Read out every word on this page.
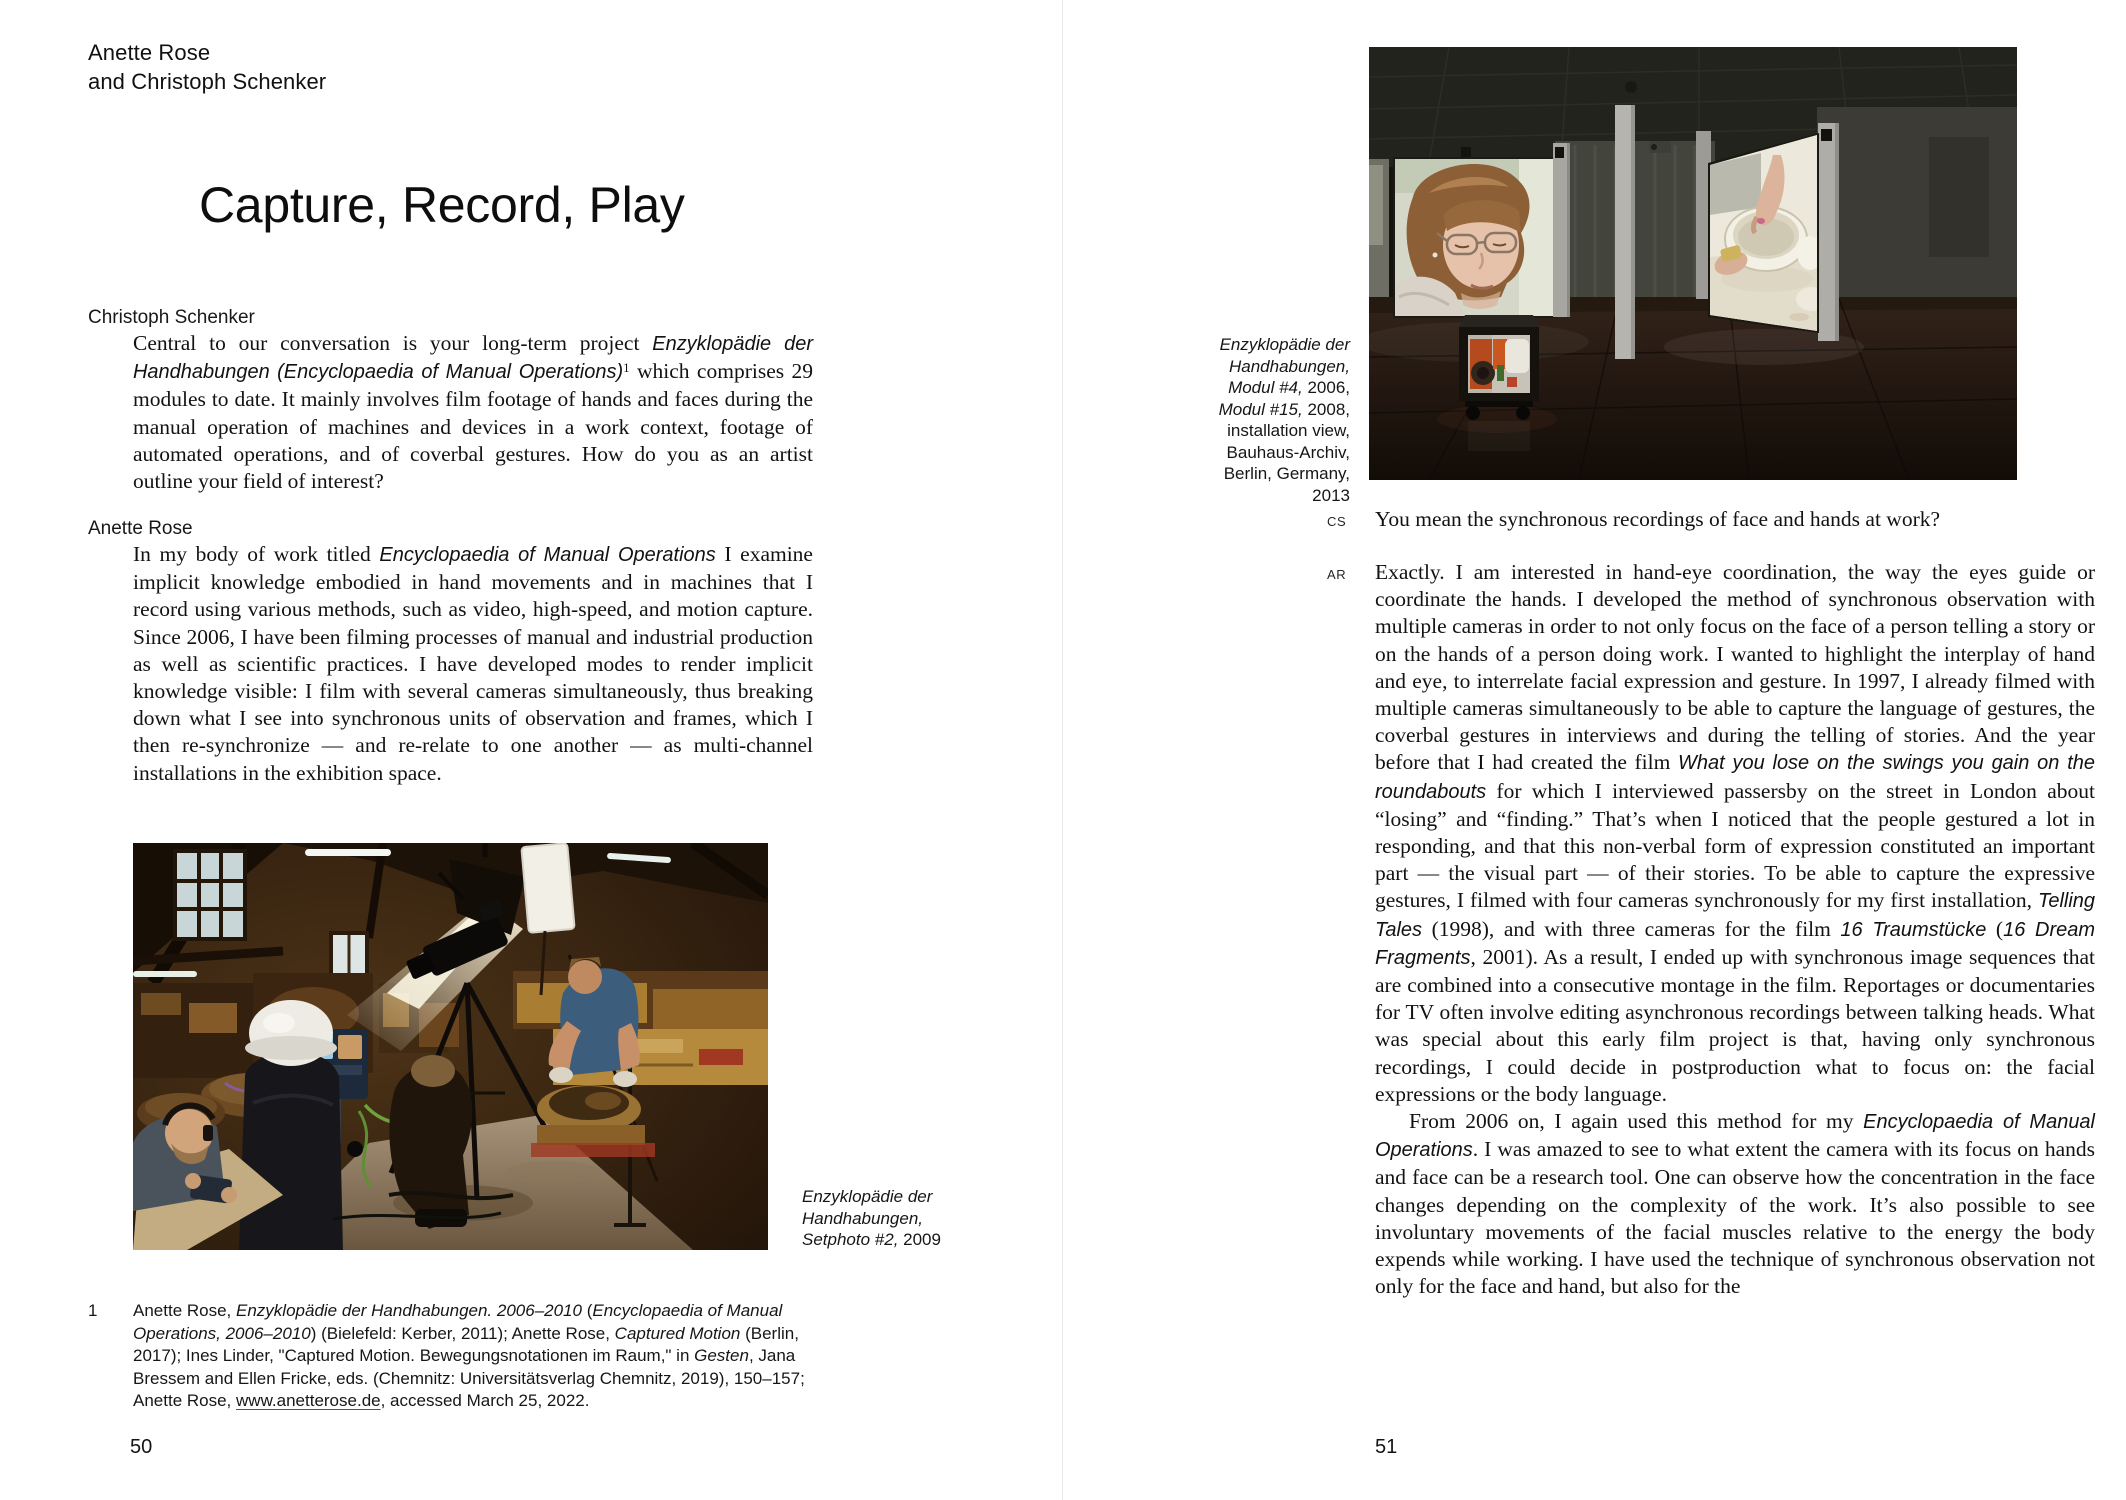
Anette Rose
and Christoph Schenker
Capture, Record, Play
Christoph Schenker

Central to our conversation is your long-term project Enzyklopädie der Handhabungen (Encyclopaedia of Manual Operations)$^1$ which comprises 29 modules to date. It mainly involves film footage of hands and faces during the manual operation of machines and devices in a work context, footage of automated operations, and of coverbal gestures. How do you as an artist outline your field of interest?

Anette Rose

In my body of work titled Encyclopaedia of Manual Operations I examine implicit knowledge embodied in hand movements and in machines that I record using various methods, such as video, high-speed, and motion capture. Since 2006, I have been filming processes of manual and industrial production as well as scientific practices. I have developed modes to render implicit knowledge visible: I film with several cameras simultaneously, thus breaking down what I see into synchronous units of observation and frames, which I then re-synchronize — and re-relate to one another — as multi-channel installations in the exhibition space.

Enzyklopädie der
Handhabungen,
Setphoto #2, 2009
1	Anette Rose, Enzyklopädie der Handhabungen. 2006–2010 (Encyclopaedia of Manual Operations, 2006–2010) (Bielefeld: Kerber, 2011); Anette Rose, Captured Motion (Berlin, 2017); Ines Linder, "Captured Motion. Bewegungsnotationen im Raum," in Gesten, Jana Bressem and Ellen Fricke, eds. (Chemnitz: Universitätsverlag Chemnitz, 2019), 150–157; Anette Rose, www.anetterose.de, accessed March 25, 2022.
50
Enzyklopädie der
Handhabungen,
Modul #4, 2006,
Modul #15, 2008,
installation view,
Bauhaus-Archiv,
Berlin, Germany,
2013
CS You mean the synchronous recordings of face and hands at work?

AR Exactly. I am interested in hand-eye coordination, the way the eyes guide or coordinate the hands. I developed the method of synchronous observation with multiple cameras in order to not only focus on the face of a person telling a story or on the hands of a person doing work. I wanted to highlight the interplay of hand and eye, to interrelate facial expression and gesture. In 1997, I already filmed with multiple cameras simultaneously to be able to capture the language of gestures, the coverbal gestures in interviews and during the telling of stories. And the year before that I had created the film What you lose on the swings you gain on the roundabouts for which I interviewed passersby on the street in London about “losing” and “finding.” That’s when I noticed that the people gestured a lot in responding, and that this non-verbal form of expression constituted an important part — the visual part — of their stories. To be able to capture the expressive gestures, I filmed with four cameras synchronously for my first installation, Telling Tales (1998), and with three cameras for the film 16 Traumstücke (16 Dream Fragments, 2001). As a result, I ended up with synchronous image sequences that are combined into a consecutive montage in the film. Reportages or documentaries for TV often involve editing asynchronous recordings between talking heads. What was special about this early film project is that, having only synchronous recordings, I could decide in postproduction what to focus on: the facial expressions or the body language.

From 2006 on, I again used this method for my Encyclopaedia of Manual Operations. I was amazed to see to what extent the camera with its focus on hands and face can be a research tool. One can observe how the concentration in the face changes depending on the complexity of the work. It’s also possible to see involuntary movements of the facial muscles relative to the energy the body expends while working. I have used the technique of synchronous observation not only for the face and hand, but also for the

51
